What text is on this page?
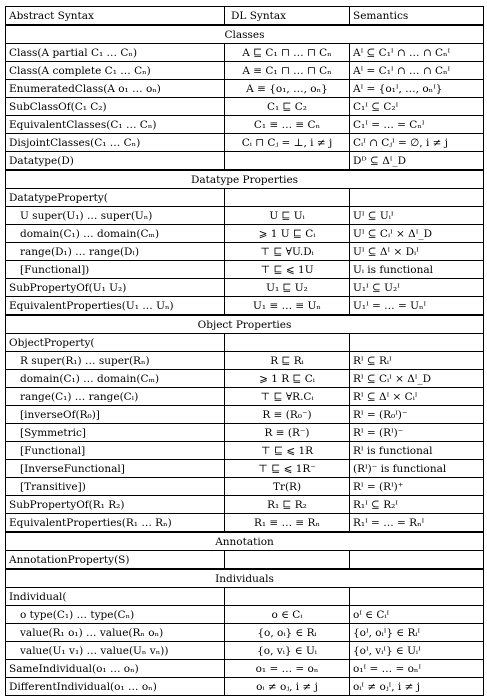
Abstract Syntax	DL Syntax	Semantics
Classes		
Class(A partial C₁ … Cₙ)	A ⊑ C₁ ⊓ … ⊓ Cₙ	Aᴵ ⊆ C₁ᴵ ∩ … ∩ Cₙᴵ
Class(A complete C₁ … Cₙ)	A ≡ C₁ ⊓ … ⊓ Cₙ	Aᴵ = C₁ᴵ ∩ … ∩ Cₙᴵ
EnumeratedClass(A o₁ … oₙ)	A ≡ {o₁, …, oₙ}	Aᴵ = {o₁ᴵ, …, oₙᴵ}
SubClassOf(C₁ C₂)	C₁ ⊑ C₂	C₁ᴵ ⊆ C₂ᴵ
EquivalentClasses(C₁ … Cₙ)	C₁ ≡ … ≡ Cₙ	C₁ᴵ = … = Cₙᴵ
DisjointClasses(C₁ … Cₙ)	Cᵢ ⊓ Cⱼ = ⊥, i ≠ j	Cᵢᴵ ∩ Cⱼᴵ = ∅, i ≠ j
Datatype(D)		Dᴰ ⊆ Δᴵ_D
Datatype Properties		
DatatypeProperty(		
U super(U₁) … super(Uₙ)	U ⊑ Uᵢ	Uᴵ ⊆ Uᵢᴵ
domain(C₁) … domain(Cₘ)	⩾ 1 U ⊑ Cᵢ	Uᴵ ⊆ Cᵢᴵ × Δᴵ_D
range(D₁) … range(Dₗ)	⊤ ⊑ ∀U.Dᵢ	Uᴵ ⊆ Δᴵ × Dᵢᴵ
[Functional])	⊤ ⊑ ⩽ 1U	Uᵢ is functional
SubPropertyOf(U₁ U₂)	U₁ ⊑ U₂	U₁ᴵ ⊆ U₂ᴵ
EquivalentProperties(U₁ … Uₙ)	U₁ ≡ … ≡ Uₙ	U₁ᴵ = … = Uₙᴵ
Object Properties		
ObjectProperty(		
R super(R₁) … super(Rₙ)	R ⊑ Rᵢ	Rᴵ ⊆ Rᵢᴵ
domain(C₁) … domain(Cₘ)	⩾ 1 R ⊑ Cᵢ	Rᴵ ⊆ Cᵢᴵ × Δᴵ_D
range(C₁) … range(Cₗ)	⊤ ⊑ ∀R.Cᵢ	Rᴵ ⊆ Δᴵ × Cᵢᴵ
[inverseOf(R₀)]	R ≡ (R₀⁻)	Rᴵ = (R₀ᴵ)⁻
[Symmetric]	R ≡ (R⁻)	Rᴵ = (Rᴵ)⁻
[Functional]	⊤ ⊑ ⩽ 1R	Rᴵ is functional
[InverseFunctional]	⊤ ⊑ ⩽ 1R⁻	(Rᴵ)⁻ is functional
[Transitive])	Tr(R)	Rᴵ = (Rᴵ)⁺
SubPropertyOf(R₁ R₂)	R₁ ⊑ R₂	R₁ᴵ ⊆ R₂ᴵ
EquivalentProperties(R₁ … Rₙ)	R₁ ≡ … ≡ Rₙ	R₁ᴵ = … = Rₙᴵ
Annotation		
AnnotationProperty(S)		
Individuals		
Individual(		
o type(C₁) … type(Cₙ)	o ∈ Cᵢ	oᴵ ∈ Cᵢᴵ
value(R₁ o₁) … value(Rₙ oₙ)	{o, oᵢ} ∈ Rᵢ	{oᴵ, oᵢᴵ} ∈ Rᵢᴵ
value(U₁ v₁) … value(Uₙ vₙ))	{o, vᵢ} ∈ Uᵢ	{oᴵ, vᵢᴵ} ∈ Uᵢᴵ
SameIndividual(o₁ … oₙ)	o₁ = … = oₙ	o₁ᴵ = … = oₙᴵ
DifferentIndividual(o₁ … oₙ)	oᵢ ≠ oⱼ, i ≠ j	oᵢᴵ ≠ oⱼᴵ, i ≠ j
